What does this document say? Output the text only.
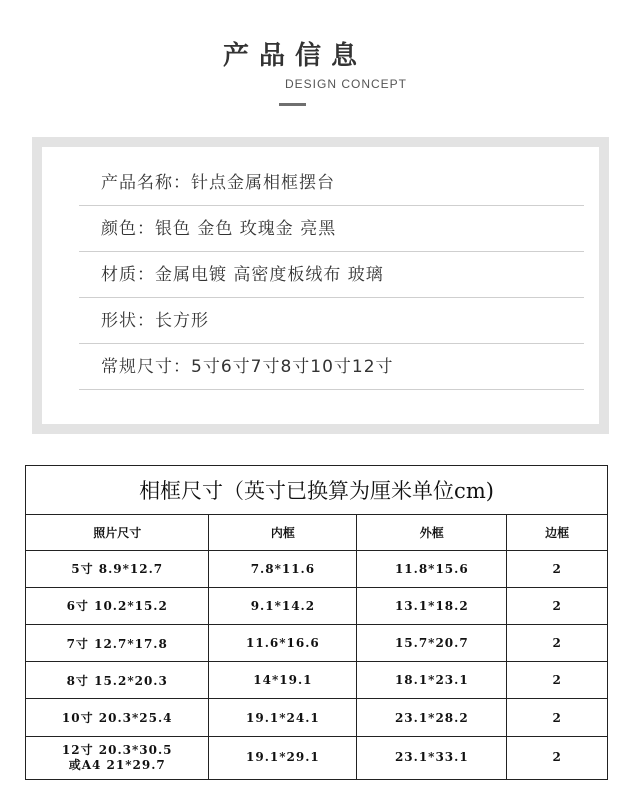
产品信息
DESIGN CONCEPT
产品名称：针点金属相框摆台
颜色：银色 金色 玫瑰金 亮黑
材质：金属电镀 高密度板绒布 玻璃
形状：长方形
常规尺寸：5寸6寸7寸8寸10寸12寸
相框尺寸（英寸已换算为厘米单位cm)			
照片尺寸	内框	外框	边框
5寸 8.9*12.7	7.8*11.6	11.8*15.6	2
6寸 10.2*15.2	9.1*14.2	13.1*18.2	2
7寸 12.7*17.8	11.6*16.6	15.7*20.7	2
8寸 15.2*20.3	14*19.1	18.1*23.1	2
10寸 20.3*25.4	19.1*24.1	23.1*28.2	2

12寸 20.3*30.5
或A4 21*29.7	19.1*29.1	23.1*33.1	2
